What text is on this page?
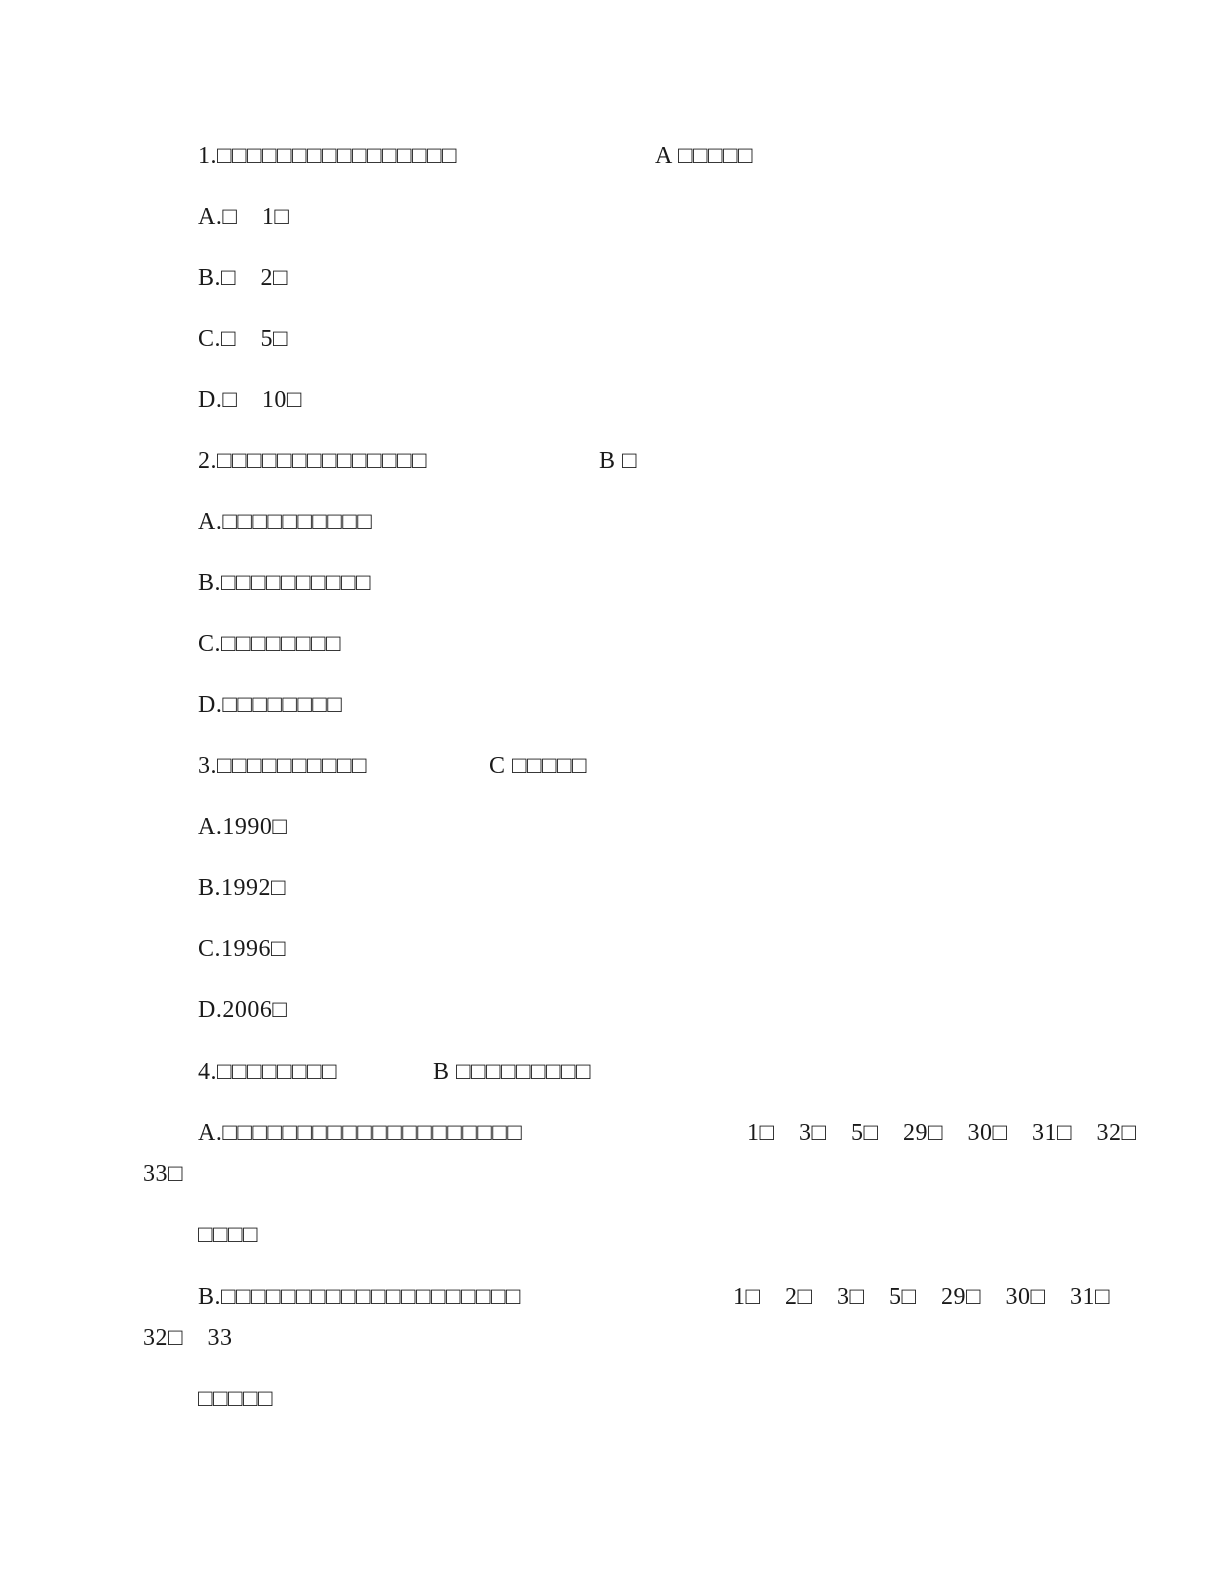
1.□□□□□□□□□□□□□□□□	A □□□□□
A.□　1□
B.□　2□
C.□　5□
D.□　10□
2.□□□□□□□□□□□□□□	B □
A.□□□□□□□□□□
B.□□□□□□□□□□
C.□□□□□□□□
D.□□□□□□□□
3.□□□□□□□□□□	C □□□□□
A.1990□
B.1992□
C.1996□
D.2006□
4.□□□□□□□□	B □□□□□□□□□
A.□□□□□□□□□□□□□□□□□□□□	1□　3□　5□　29□　30□　31□　32□
33□
□□□□
B.□□□□□□□□□□□□□□□□□□□□	1□　2□　3□　5□　29□　30□　31□
32□　33
□□□□□
